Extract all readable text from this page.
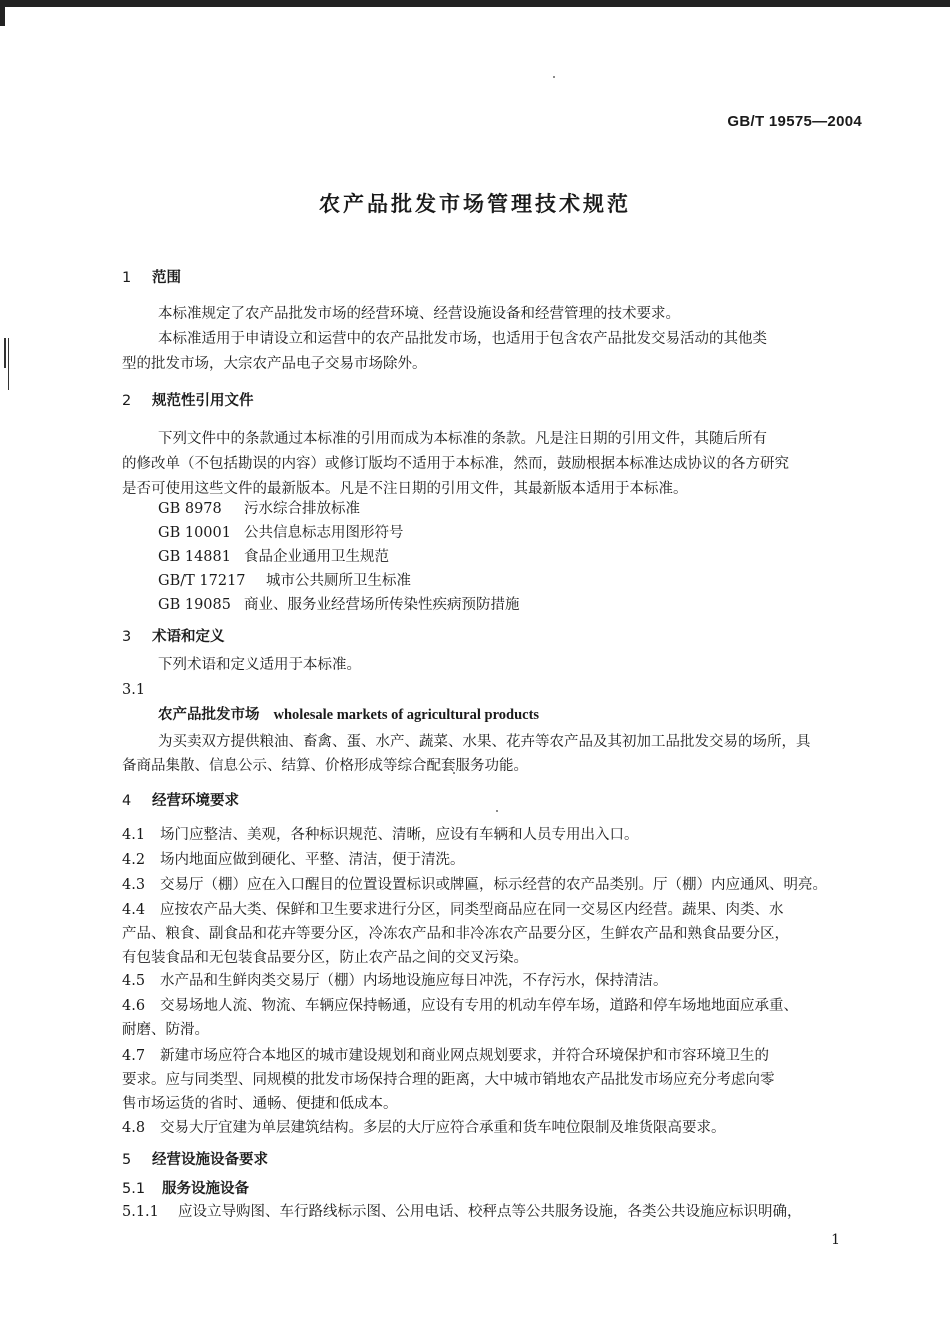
GB/T 19575—2004
农产品批发市场管理技术规范
1 范围
本标准规定了农产品批发市场的经营环境、经营设施设备和经营管理的技术要求。
本标准适用于申请设立和运营中的农产品批发市场，也适用于包含农产品批发交易活动的其他类
型的批发市场，大宗农产品电子交易市场除外。
2 规范性引用文件
下列文件中的条款通过本标准的引用而成为本标准的条款。凡是注日期的引用文件，其随后所有
的修改单（不包括勘误的内容）或修订版均不适用于本标准，然而，鼓励根据本标准达成协议的各方研究
是否可使用这些文件的最新版本。凡是不注日期的引用文件，其最新版本适用于本标准。
GB 8978 污水综合排放标准
GB 10001 公共信息标志用图形符号
GB 14881 食品企业通用卫生规范
GB/T 17217 城市公共厕所卫生标准
GB 19085 商业、服务业经营场所传染性疾病预防措施
3 术语和定义
下列术语和定义适用于本标准。
3.1
农产品批发市场 wholesale markets of agricultural products
为买卖双方提供粮油、畜禽、蛋、水产、蔬菜、水果、花卉等农产品及其初加工品批发交易的场所，具
备商品集散、信息公示、结算、价格形成等综合配套服务功能。
4 经营环境要求
4.1 场门应整洁、美观，各种标识规范、清晰，应设有车辆和人员专用出入口。
4.2 场内地面应做到硬化、平整、清洁，便于清洗。
4.3 交易厅（棚）应在入口醒目的位置设置标识或牌匾，标示经营的农产品类别。厅（棚）内应通风、明亮。
4.4 应按农产品大类、保鲜和卫生要求进行分区，同类型商品应在同一交易区内经营。蔬果、肉类、水
产品、粮食、副食品和花卉等要分区，冷冻农产品和非冷冻农产品要分区，生鲜农产品和熟食品要分区，
有包装食品和无包装食品要分区，防止农产品之间的交叉污染。
4.5 水产品和生鲜肉类交易厅（棚）内场地设施应每日冲洗，不存污水，保持清洁。
4.6 交易场地人流、物流、车辆应保持畅通，应设有专用的机动车停车场，道路和停车场地地面应承重、
耐磨、防滑。
4.7 新建市场应符合本地区的城市建设规划和商业网点规划要求，并符合环境保护和市容环境卫生的
要求。应与同类型、同规模的批发市场保持合理的距离，大中城市销地农产品批发市场应充分考虑向零
售市场运货的省时、通畅、便捷和低成本。
4.8 交易大厅宜建为单层建筑结构。多层的大厅应符合承重和货车吨位限制及堆货限高要求。
5 经营设施设备要求
5.1 服务设施设备
5.1.1 应设立导购图、车行路线标示图、公用电话、校秤点等公共服务设施，各类公共设施应标识明确，
1
